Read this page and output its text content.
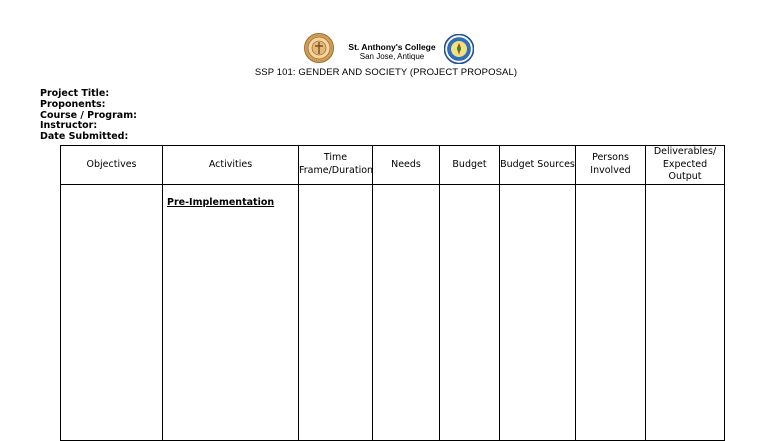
St. Anthony's College
San Jose, Antique
SSP 101: GENDER AND SOCIETY (PROJECT PROPOSAL)
Project Title:
Proponents:
Course / Program:
Instructor:
Date Submitted:
Objectives	Activities	Time Frame/Duration	Needs	Budget	Budget Sources	Persons Involved	Deliverables/ Expected Output
	Pre-Implementation						
